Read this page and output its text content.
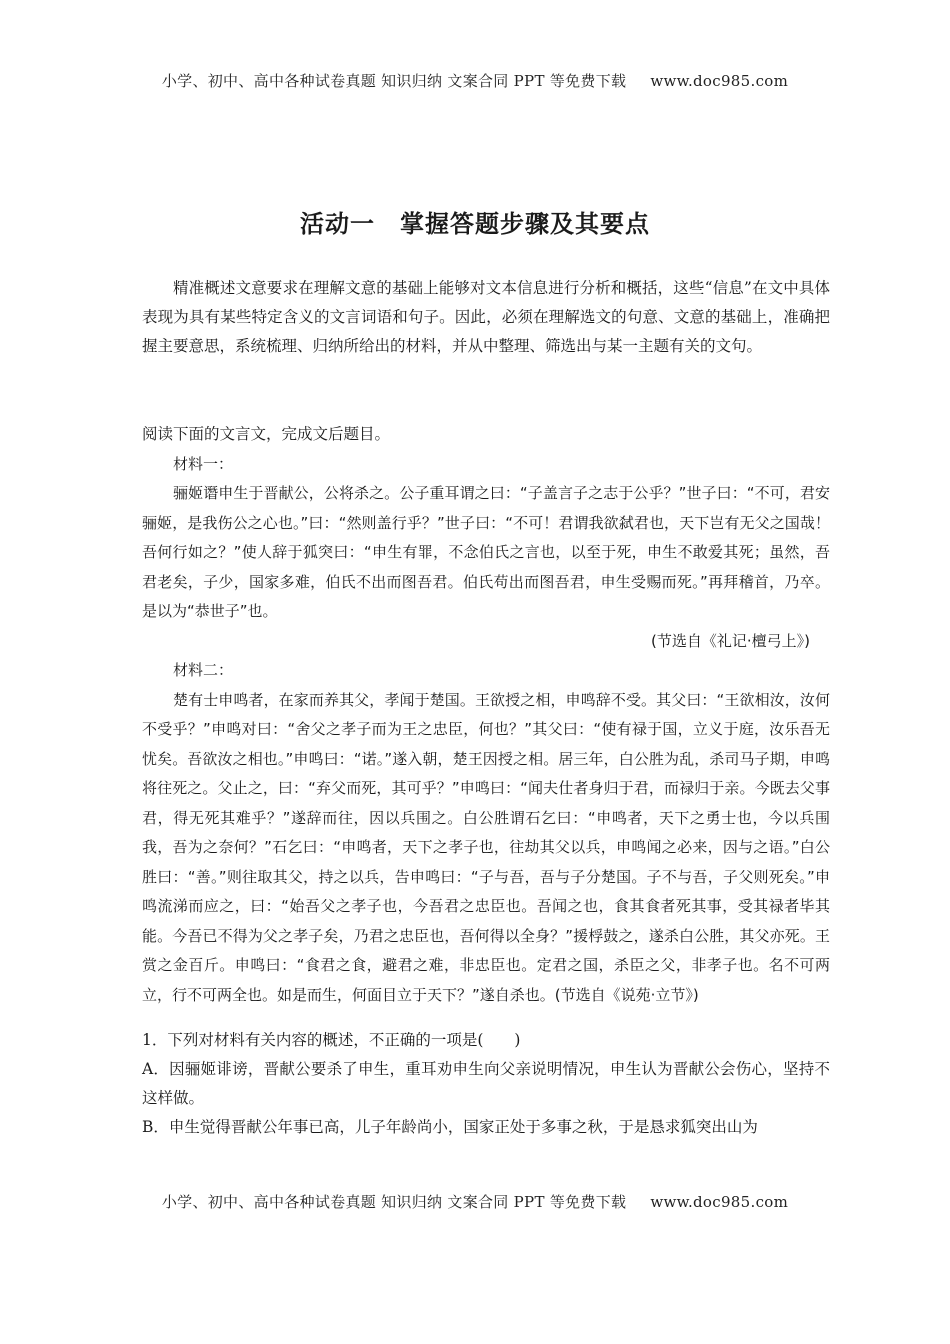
小学、初中、高中各种试卷真题 知识归纳 文案合同 PPT 等免费下载 www.doc985.com
活动一　掌握答题步骤及其要点

精准概述文意要求在理解文意的基础上能够对文本信息进行分析和概括，这些“信息”在文中具体表现为具有某些特定含义的文言词语和句子。因此，必须在理解选文的句意、文意的基础上，准确把握主要意思，系统梳理、归纳所给出的材料，并从中整理、筛选出与某一主题有关的文句。

阅读下面的文言文，完成文后题目。

材料一：

骊姬谮申生于晋献公，公将杀之。公子重耳谓之曰：“子盖言子之志于公乎？”世子曰：“不可，君安骊姬，是我伤公之心也。”曰：“然则盖行乎？”世子曰：“不可！君谓我欲弑君也，天下岂有无父之国哉！吾何行如之？”使人辞于狐突曰：“申生有罪，不念伯氏之言也，以至于死，申生不敢爱其死；虽然，吾君老矣，子少，国家多难，伯氏不出而图吾君。伯氏苟出而图吾君，申生受赐而死。”再拜稽首，乃卒。是以为“恭世子”也。

(节选自《礼记·檀弓上》)

材料二：

楚有士申鸣者，在家而养其父，孝闻于楚国。王欲授之相，申鸣辞不受。其父曰：“王欲相汝，汝何不受乎？”申鸣对曰：“舍父之孝子而为王之忠臣，何也？”其父曰：“使有禄于国，立义于庭，汝乐吾无忧矣。吾欲汝之相也。”申鸣曰：“诺。”遂入朝，楚王因授之相。居三年，白公胜为乱，杀司马子期，申鸣将往死之。父止之，曰：“弃父而死，其可乎？”申鸣曰：“闻夫仕者身归于君，而禄归于亲。今既去父事君，得无死其难乎？”遂辞而往，因以兵围之。白公胜谓石乞曰：“申鸣者，天下之勇士也，今以兵围我，吾为之奈何？”石乞曰：“申鸣者，天下之孝子也，往劫其父以兵，申鸣闻之必来，因与之语。”白公胜曰：“善。”则往取其父，持之以兵，告申鸣曰：“子与吾，吾与子分楚国。子不与吾，子父则死矣。”申鸣流涕而应之，曰：“始吾父之孝子也，今吾君之忠臣也。吾闻之也，食其食者死其事，受其禄者毕其能。今吾已不得为父之孝子矣，乃君之忠臣也，吾何得以全身？”援桴鼓之，遂杀白公胜，其父亦死。王赏之金百斤。申鸣曰：“食君之食，避君之难，非忠臣也。定君之国，杀臣之父，非孝子也。名不可两立，行不可两全也。如是而生，何面目立于天下？”遂自杀也。(节选自《说苑·立节》)

1．下列对材料有关内容的概述，不正确的一项是(　　)

A．因骊姬诽谤，晋献公要杀了申生，重耳劝申生向父亲说明情况，申生认为晋献公会伤心，坚持不这样做。

B．申生觉得晋献公年事已高，儿子年龄尚小，国家正处于多事之秋，于是恳求狐突出山为

小学、初中、高中各种试卷真题 知识归纳 文案合同 PPT 等免费下载 www.doc985.com
